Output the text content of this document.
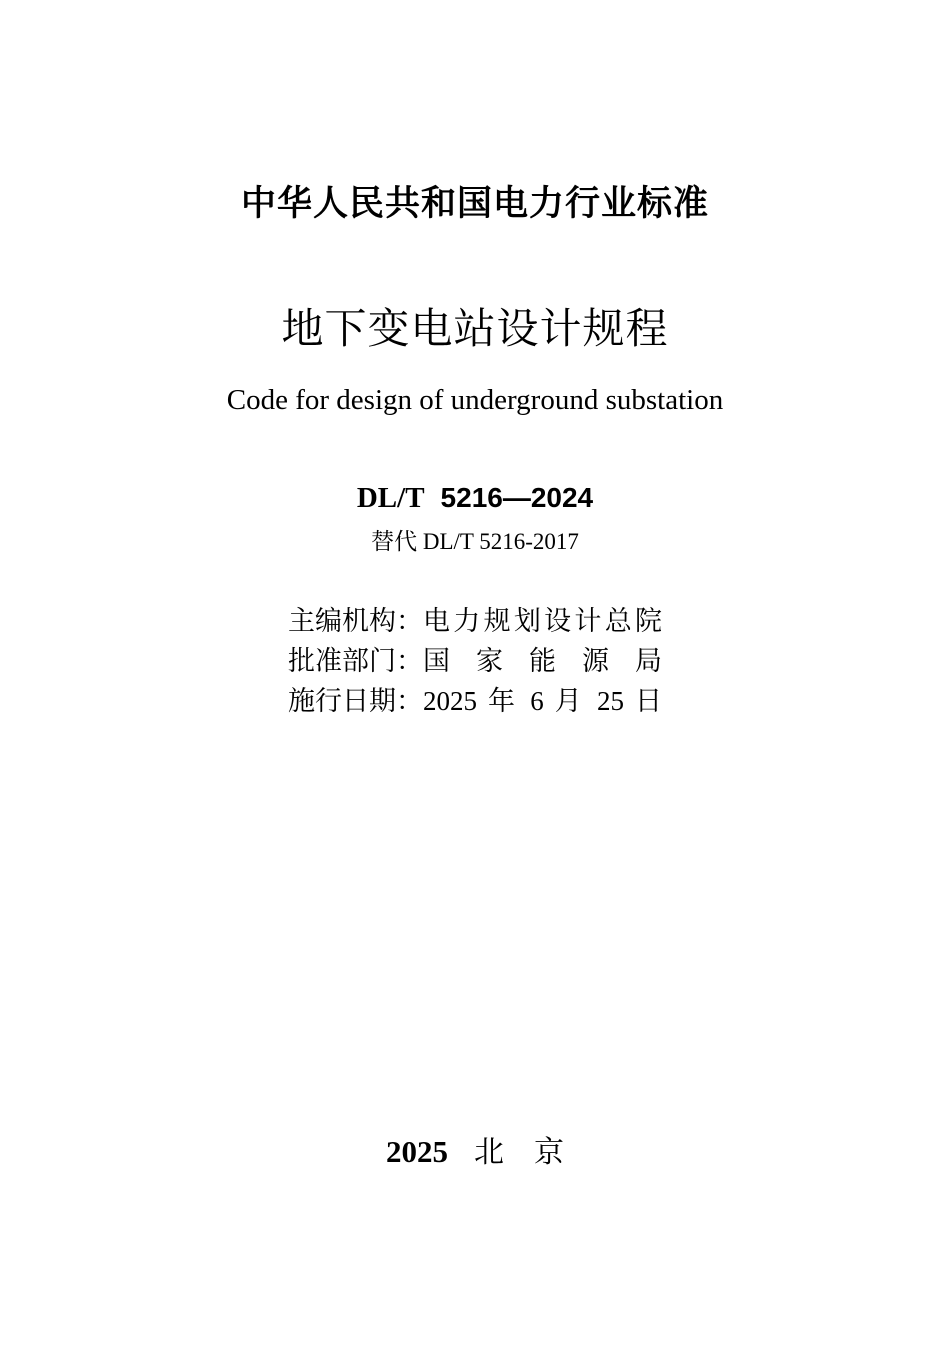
中华人民共和国电力行业标准
地下变电站设计规程
Code for design of underground substation
DL/T 5216—2024
替代 DL/T 5216-2017
主编机构： 电力规划设计总院
批准部门： 国家能源局
施行日期： 2025 年 6 月 25 日
2025 北　京
